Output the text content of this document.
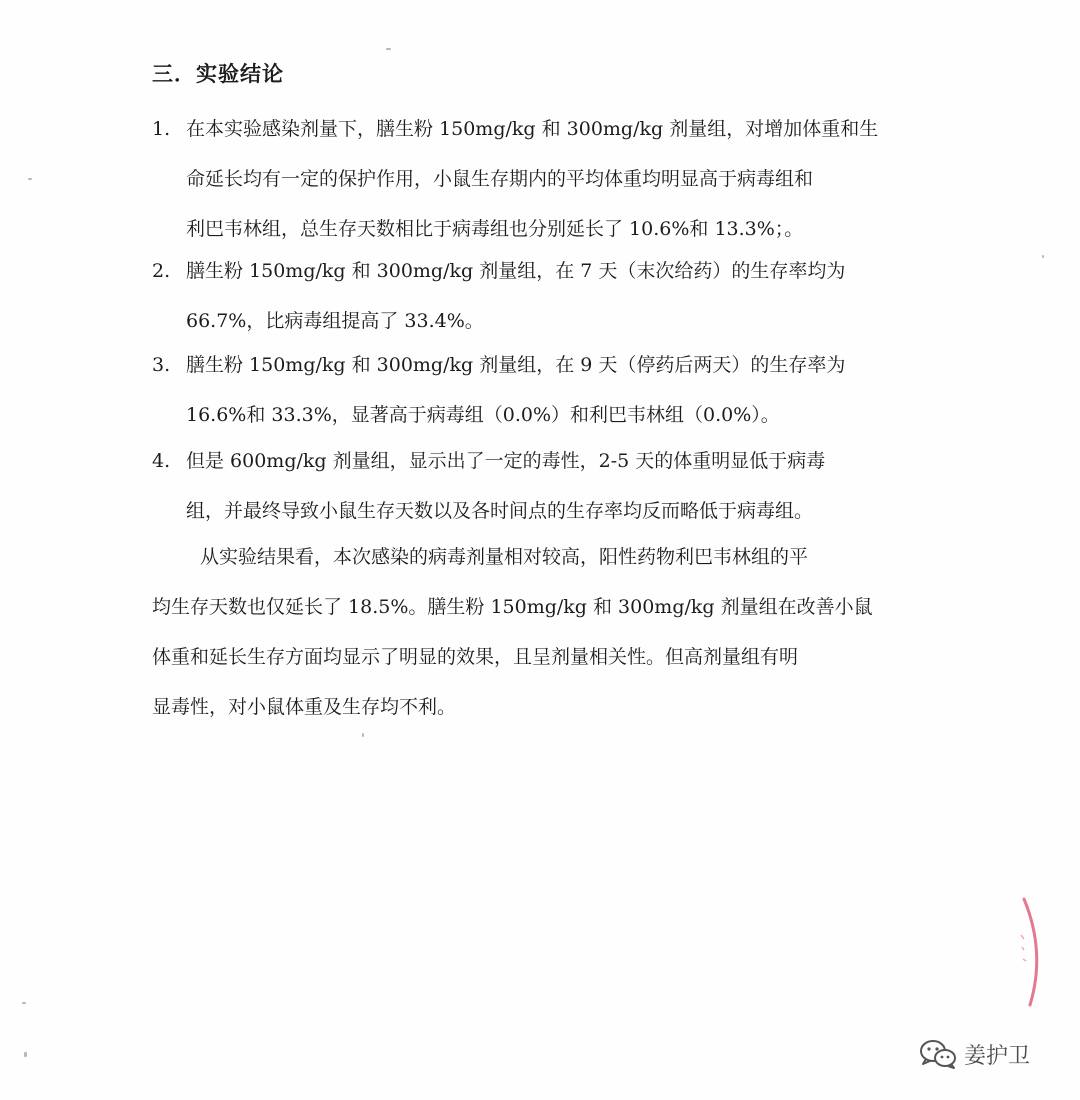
三．实验结论
1. 在本实验感染剂量下，膳生粉 150mg/kg 和 300mg/kg 剂量组，对增加体重和生
命延长均有一定的保护作用，小鼠生存期内的平均体重均明显高于病毒组和
利巴韦林组，总生存天数相比于病毒组也分别延长了 10.6%和 13.3%；。
2. 膳生粉 150mg/kg 和 300mg/kg 剂量组，在 7 天（末次给药）的生存率均为
66.7%，比病毒组提高了 33.4%。
3. 膳生粉 150mg/kg 和 300mg/kg 剂量组，在 9 天（停药后两天）的生存率为
16.6%和 33.3%，显著高于病毒组（0.0%）和利巴韦林组（0.0%）。
4. 但是 600mg/kg 剂量组，显示出了一定的毒性，2-5 天的体重明显低于病毒
组，并最终导致小鼠生存天数以及各时间点的生存率均反而略低于病毒组。
从实验结果看，本次感染的病毒剂量相对较高，阳性药物利巴韦林组的平
均生存天数也仅延长了 18.5%。膳生粉 150mg/kg 和 300mg/kg 剂量组在改善小鼠
体重和延长生存方面均显示了明显的效果，且呈剂量相关性。但高剂量组有明
显毒性，对小鼠体重及生存均不利。
姜护卫
